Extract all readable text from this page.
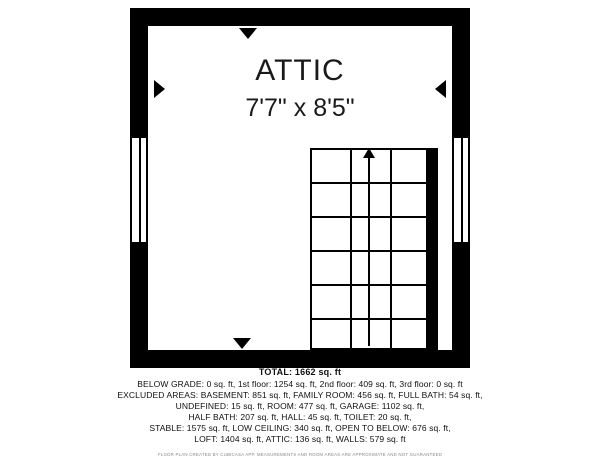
ATTIC
7'7" x 8'5"
TOTAL: 1662 sq. ft
BELOW GRADE: 0 sq. ft, 1st floor: 1254 sq. ft, 2nd floor: 409 sq. ft, 3rd floor: 0 sq. ft
EXCLUDED AREAS: BASEMENT: 851 sq. ft, FAMILY ROOM: 456 sq. ft, FULL BATH: 54 sq. ft,
UNDEFINED: 15 sq. ft, ROOM: 477 sq. ft, GARAGE: 1102 sq. ft,
HALF BATH: 207 sq. ft, HALL: 45 sq. ft, TOILET: 20 sq. ft,
STABLE: 1575 sq. ft, LOW CEILING: 340 sq. ft, OPEN TO BELOW: 676 sq. ft,
LOFT: 1404 sq. ft, ATTIC: 136 sq. ft, WALLS: 579 sq. ft
FLOOR PLAN CREATED BY CUBICASA APP. MEASUREMENTS AND ROOM AREAS ARE APPROXIMATE AND NOT GUARANTEED
